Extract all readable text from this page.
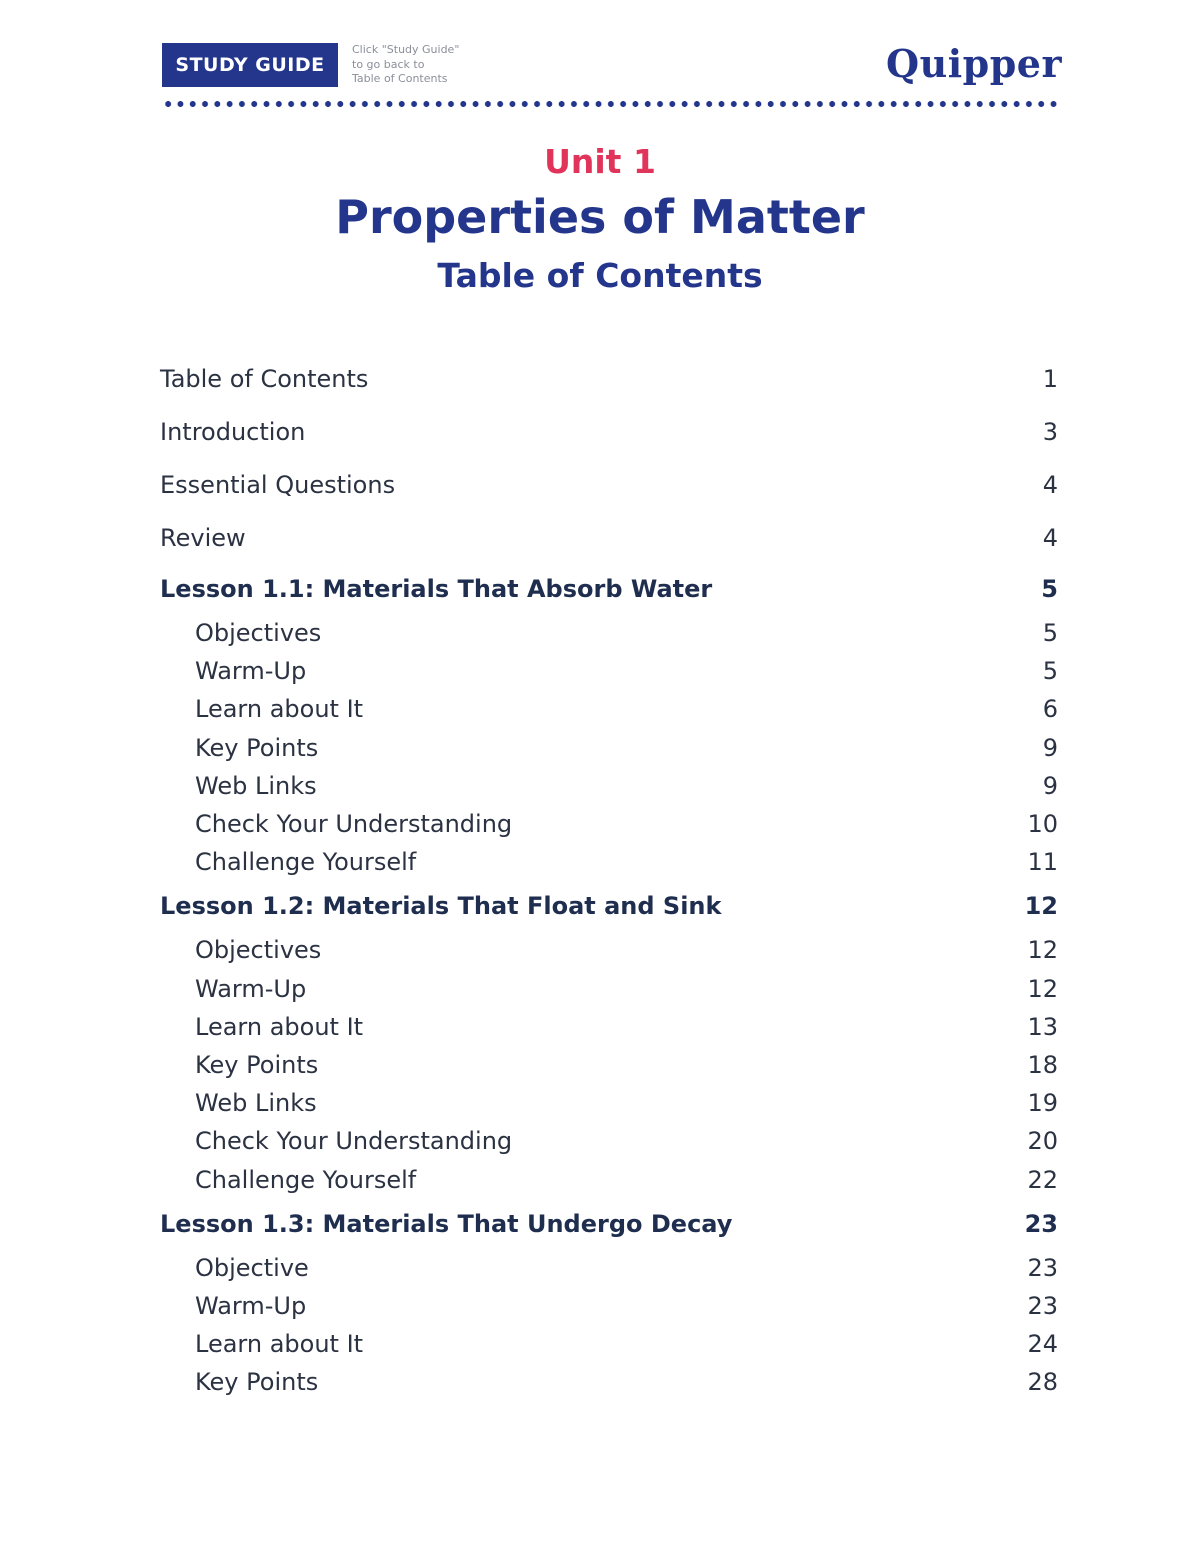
STUDY GUIDE
Click "Study Guide"
to go back to
Table of Contents	Quipper
Unit 1
Properties of Matter
Table of Contents
Table of Contents	1
Introduction	3
Essential Questions	4
Review	4
Lesson 1.1: Materials That Absorb Water	5
Objectives	5
Warm-Up	5
Learn about It	6
Key Points	9
Web Links	9
Check Your Understanding	10
Challenge Yourself	11
Lesson 1.2: Materials That Float and Sink	12
Objectives	12
Warm-Up	12
Learn about It	13
Key Points	18
Web Links	19
Check Your Understanding	20
Challenge Yourself	22
Lesson 1.3: Materials That Undergo Decay	23
Objective	23
Warm-Up	23
Learn about It	24
Key Points	28
